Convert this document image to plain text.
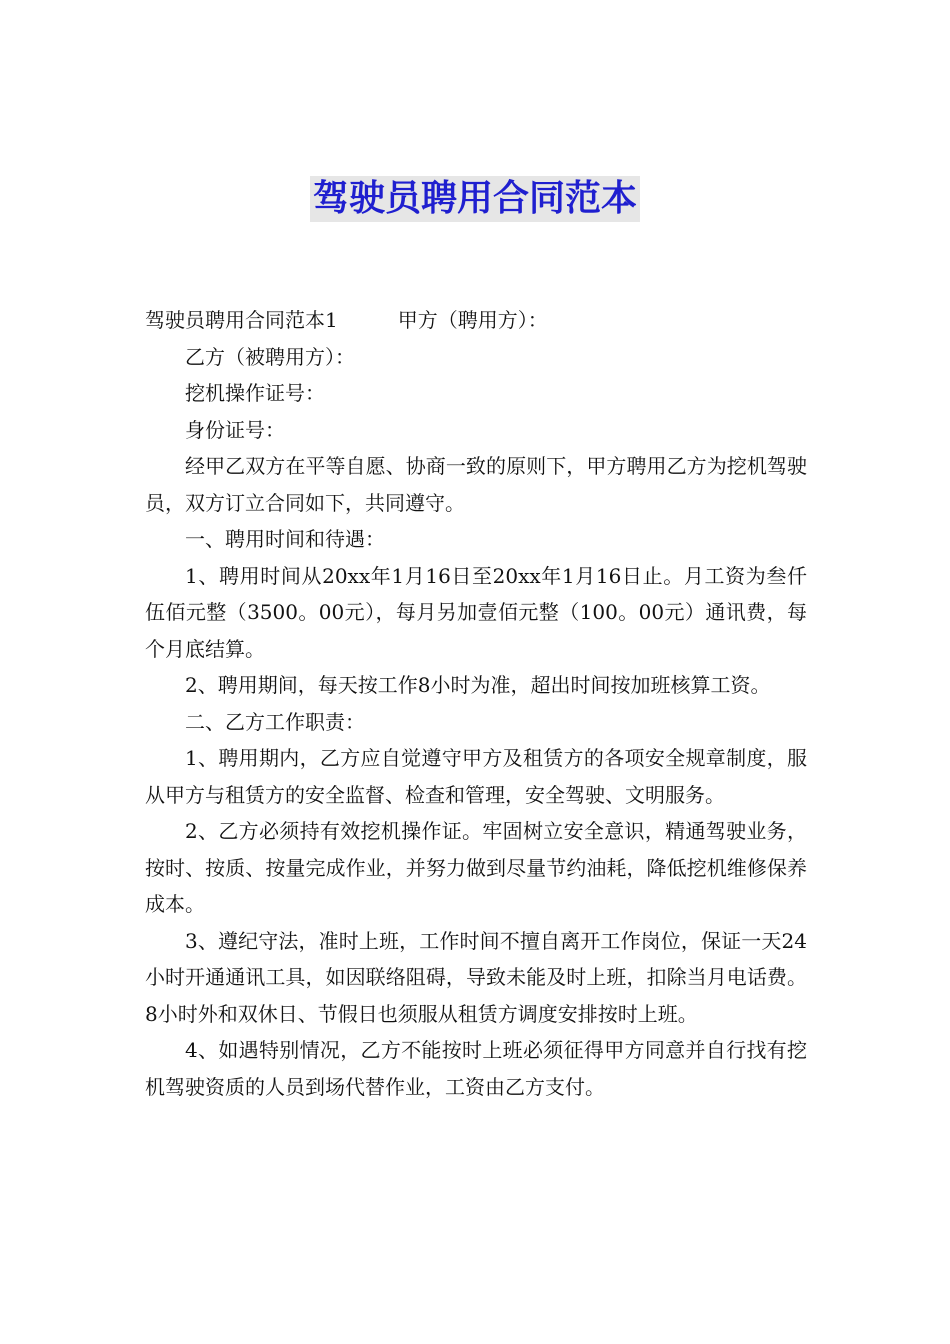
驾驶员聘用合同范本

驾驶员聘用合同范本1	甲方（聘用方）：

乙方（被聘用方）：

挖机操作证号：

身份证号：

经甲乙双方在平等自愿、协商一致的原则下，甲方聘用乙方为挖机驾驶员，双方订立合同如下，共同遵守。

一、聘用时间和待遇：

1、聘用时间从20xx年1月16日至20xx年1月16日止。月工资为叁仟伍佰元整（3500。00元），每月另加壹佰元整（100。00元）通讯费，每个月底结算。

2、聘用期间，每天按工作8小时为准，超出时间按加班核算工资。

二、乙方工作职责：

1、聘用期内，乙方应自觉遵守甲方及租赁方的各项安全规章制度，服从甲方与租赁方的安全监督、检查和管理，安全驾驶、文明服务。

2、乙方必须持有效挖机操作证。牢固树立安全意识，精通驾驶业务，按时、按质、按量完成作业，并努力做到尽量节约油耗，降低挖机维修保养成本。

3、遵纪守法，准时上班，工作时间不擅自离开工作岗位，保证一天24小时开通通讯工具，如因联络阻碍，导致未能及时上班，扣除当月电话费。8小时外和双休日、节假日也须服从租赁方调度安排按时上班。

4、如遇特别情况，乙方不能按时上班必须征得甲方同意并自行找有挖机驾驶资质的人员到场代替作业，工资由乙方支付。
